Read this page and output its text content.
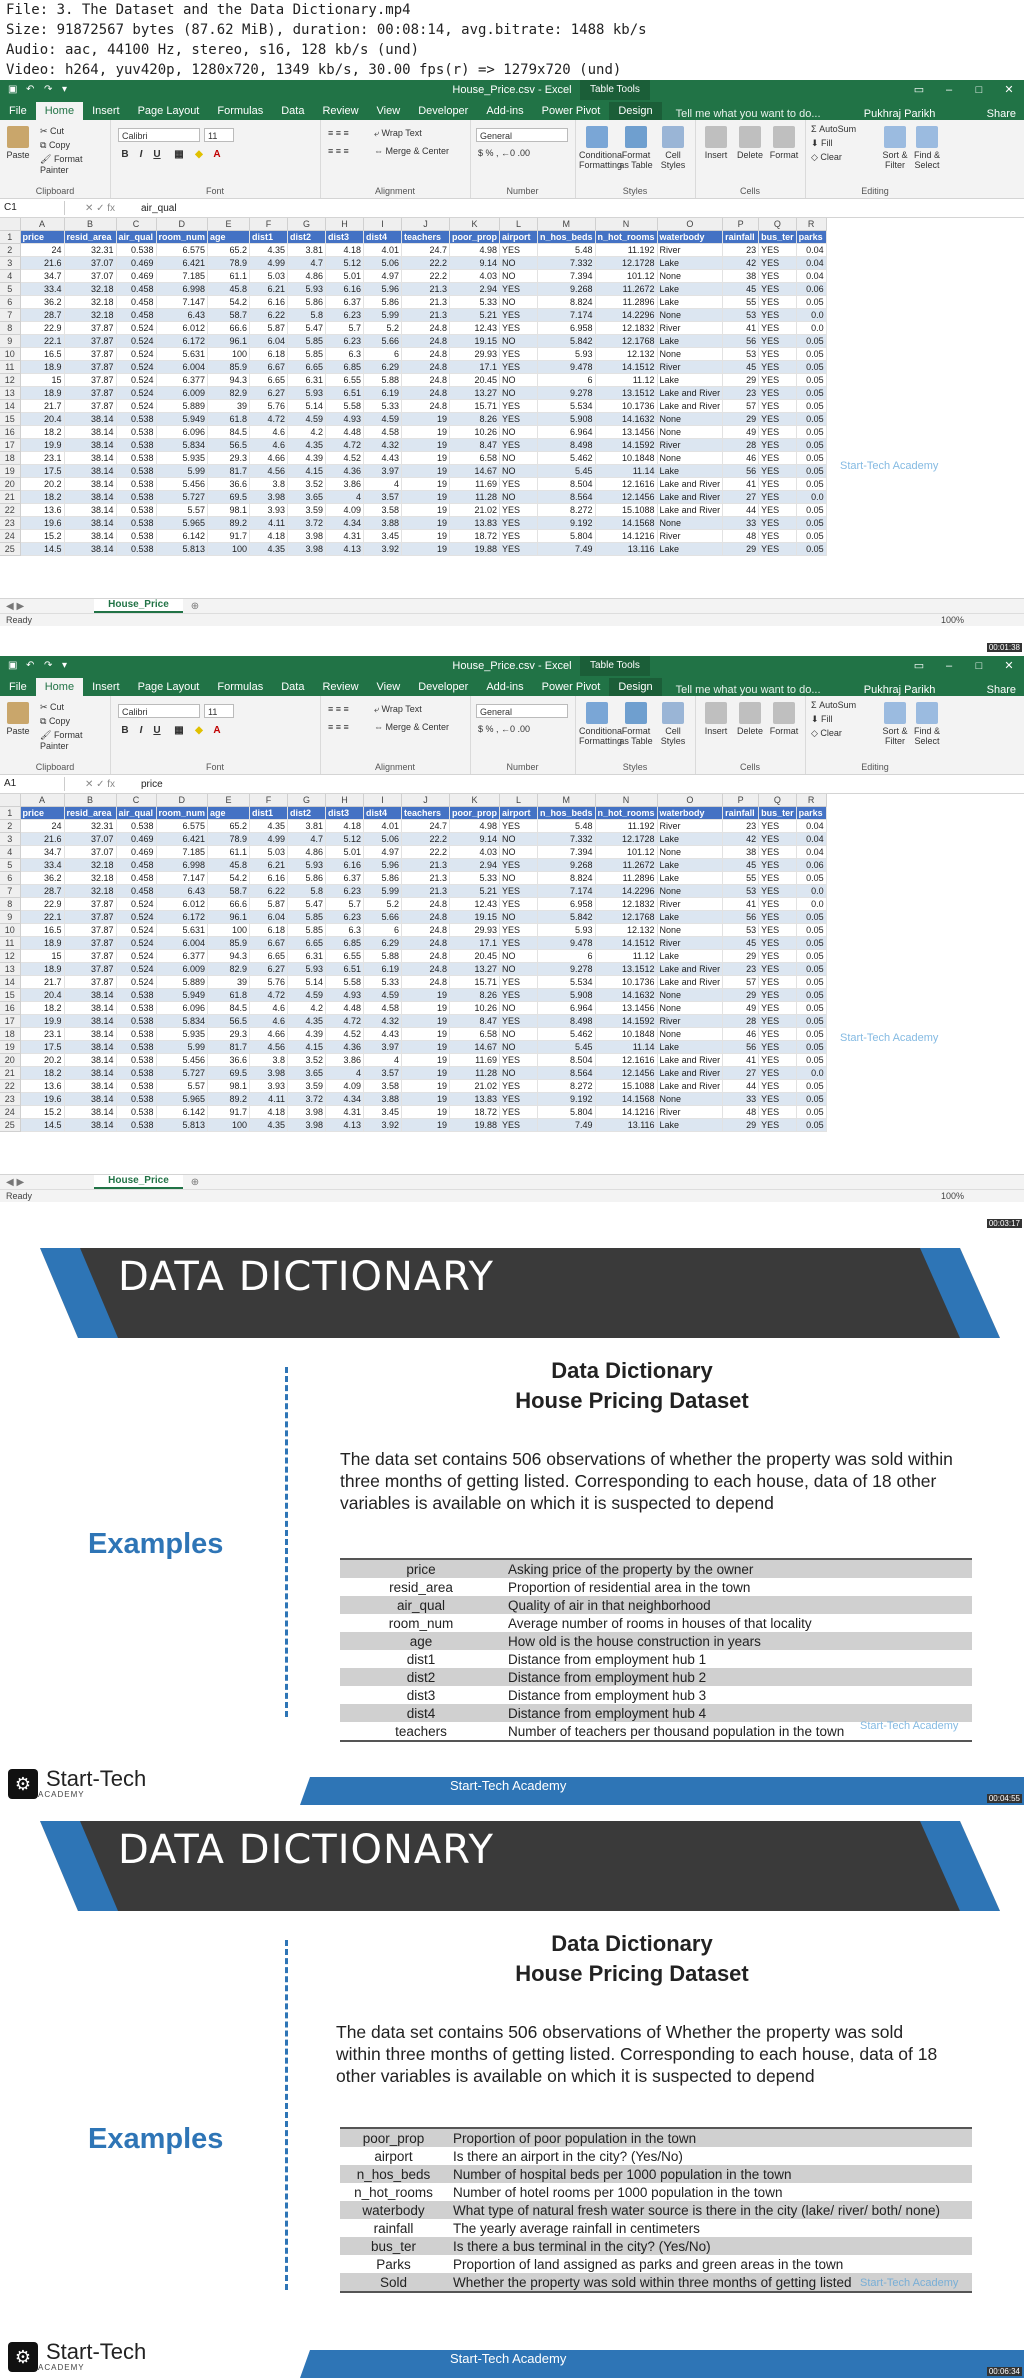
File: 3. The Dataset and the Data Dictionary.mp4
Size: 91872567 bytes (87.62 MiB), duration: 00:08:14, avg.bitrate: 1488 kb/s
Audio: aac, 44100 Hz, stereo, s16, 128 kb/s (und)
Video: h264, yuv420p, 1280x720, 1349 kb/s, 30.00 fps(r) => 1279x720 (und)
▣ ↶ ↷ ▾	House_Price.csv - Excel	Table Tools	▭	–	□	✕
File	Home	Insert	Page Layout	Formulas	Data	Review	View	Developer	Add-ins	Power Pivot	Design	Tell me what you want to do...	Pukhraj Parikh	Share
Paste
✂ Cut
⧉ Copy
🖌 Format Painter
Clipboard
Calibri	11
B	I	U	▦	◆	A
Font
≡ ≡ ≡
≡ ≡ ≡
⤶ Wrap Text
⇔ Merge & Center
Alignment
General
$ % , ←0 .00
Number
Conditional Formatting
Format as Table
Cell Styles
Styles
Insert	Delete Format
Cells
Σ AutoSum
⬇ Fill
◇ Clear	Sort & Filter
Find & Select
Editing
C1	✕ ✓ fx	air_qual
	A	B	C	D	E	F	G	H	I	J	K	L	M	N	O	P	Q	R
1	price	resid_area	air_qual	room_num	age	dist1	dist2	dist3	dist4	teachers	poor_prop	airport	n_hos_beds	n_hot_rooms	waterbody	rainfall	bus_ter	parks
2	24	32.31	0.538	6.575	65.2	4.35	3.81	4.18	4.01	24.7	4.98	YES	5.48	11.192	River	23	YES	0.04
3	21.6	37.07	0.469	6.421	78.9	4.99	4.7	5.12	5.06	22.2	9.14	NO	7.332	12.1728	Lake	42	YES	0.04
4	34.7	37.07	0.469	7.185	61.1	5.03	4.86	5.01	4.97	22.2	4.03	NO	7.394	101.12	None	38	YES	0.04
5	33.4	32.18	0.458	6.998	45.8	6.21	5.93	6.16	5.96	21.3	2.94	YES	9.268	11.2672	Lake	45	YES	0.06
6	36.2	32.18	0.458	7.147	54.2	6.16	5.86	6.37	5.86	21.3	5.33	NO	8.824	11.2896	Lake	55	YES	0.05
7	28.7	32.18	0.458	6.43	58.7	6.22	5.8	6.23	5.99	21.3	5.21	YES	7.174	14.2296	None	53	YES	0.0
8	22.9	37.87	0.524	6.012	66.6	5.87	5.47	5.7	5.2	24.8	12.43	YES	6.958	12.1832	River	41	YES	0.0
9	22.1	37.87	0.524	6.172	96.1	6.04	5.85	6.23	5.66	24.8	19.15	NO	5.842	12.1768	Lake	56	YES	0.05
10	16.5	37.87	0.524	5.631	100	6.18	5.85	6.3	6	24.8	29.93	YES	5.93	12.132	None	53	YES	0.05
11	18.9	37.87	0.524	6.004	85.9	6.67	6.65	6.85	6.29	24.8	17.1	YES	9.478	14.1512	River	45	YES	0.05
12	15	37.87	0.524	6.377	94.3	6.65	6.31	6.55	5.88	24.8	20.45	NO	6	11.12	Lake	29	YES	0.05
13	18.9	37.87	0.524	6.009	82.9	6.27	5.93	6.51	6.19	24.8	13.27	NO	9.278	13.1512	Lake and River	23	YES	0.05
14	21.7	37.87	0.524	5.889	39	5.76	5.14	5.58	5.33	24.8	15.71	YES	5.534	10.1736	Lake and River	57	YES	0.05
15	20.4	38.14	0.538	5.949	61.8	4.72	4.59	4.93	4.59	19	8.26	YES	5.908	14.1632	None	29	YES	0.05
16	18.2	38.14	0.538	6.096	84.5	4.6	4.2	4.48	4.58	19	10.26	NO	6.964	13.1456	None	49	YES	0.05
17	19.9	38.14	0.538	5.834	56.5	4.6	4.35	4.72	4.32	19	8.47	YES	8.498	14.1592	River	28	YES	0.05
18	23.1	38.14	0.538	5.935	29.3	4.66	4.39	4.52	4.43	19	6.58	NO	5.462	10.1848	None	46	YES	0.05
19	17.5	38.14	0.538	5.99	81.7	4.56	4.15	4.36	3.97	19	14.67	NO	5.45	11.14	Lake	56	YES	0.05
20	20.2	38.14	0.538	5.456	36.6	3.8	3.52	3.86	4	19	11.69	YES	8.504	12.1616	Lake and River	41	YES	0.05
21	18.2	38.14	0.538	5.727	69.5	3.98	3.65	4	3.57	19	11.28	NO	8.564	12.1456	Lake and River	27	YES	0.0
22	13.6	38.14	0.538	5.57	98.1	3.93	3.59	4.09	3.58	19	21.02	YES	8.272	15.1088	Lake and River	44	YES	0.05
23	19.6	38.14	0.538	5.965	89.2	4.11	3.72	4.34	3.88	19	13.83	YES	9.192	14.1568	None	33	YES	0.05
24	15.2	38.14	0.538	6.142	91.7	4.18	3.98	4.31	3.45	19	18.72	YES	5.804	14.1216	River	48	YES	0.05
25	14.5	38.14	0.538	5.813	100	4.35	3.98	4.13	3.92	19	19.88	YES	7.49	13.116	Lake	29	YES	0.05
◀ ▶	House_Price	⊕
Ready	100%
Start-Tech Academy
00:01:38
▣ ↶ ↷ ▾	House_Price.csv - Excel	Table Tools	▭	–	□	✕
File	Home	Insert	Page Layout	Formulas	Data	Review	View	Developer	Add-ins	Power Pivot	Design	Tell me what you want to do...	Pukhraj Parikh	Share
Paste
✂ Cut
⧉ Copy
🖌 Format Painter
Clipboard
Calibri	11
B	I	U	▦	◆	A
Font
≡ ≡ ≡
≡ ≡ ≡
⤶ Wrap Text
⇔ Merge & Center
Alignment
General
$ % , ←0 .00
Number
Conditional Formatting
Format as Table
Cell Styles
Styles
Insert	Delete Format
Cells
Σ AutoSum
⬇ Fill
◇ Clear	Sort & Filter
Find & Select
Editing
A1	✕ ✓ fx	price
	A	B	C	D	E	F	G	H	I	J	K	L	M	N	O	P	Q	R
1	price	resid_area	air_qual	room_num	age	dist1	dist2	dist3	dist4	teachers	poor_prop	airport	n_hos_beds	n_hot_rooms	waterbody	rainfall	bus_ter	parks
2	24	32.31	0.538	6.575	65.2	4.35	3.81	4.18	4.01	24.7	4.98	YES	5.48	11.192	River	23	YES	0.04
3	21.6	37.07	0.469	6.421	78.9	4.99	4.7	5.12	5.06	22.2	9.14	NO	7.332	12.1728	Lake	42	YES	0.04
4	34.7	37.07	0.469	7.185	61.1	5.03	4.86	5.01	4.97	22.2	4.03	NO	7.394	101.12	None	38	YES	0.04
5	33.4	32.18	0.458	6.998	45.8	6.21	5.93	6.16	5.96	21.3	2.94	YES	9.268	11.2672	Lake	45	YES	0.06
6	36.2	32.18	0.458	7.147	54.2	6.16	5.86	6.37	5.86	21.3	5.33	NO	8.824	11.2896	Lake	55	YES	0.05
7	28.7	32.18	0.458	6.43	58.7	6.22	5.8	6.23	5.99	21.3	5.21	YES	7.174	14.2296	None	53	YES	0.0
8	22.9	37.87	0.524	6.012	66.6	5.87	5.47	5.7	5.2	24.8	12.43	YES	6.958	12.1832	River	41	YES	0.0
9	22.1	37.87	0.524	6.172	96.1	6.04	5.85	6.23	5.66	24.8	19.15	NO	5.842	12.1768	Lake	56	YES	0.05
10	16.5	37.87	0.524	5.631	100	6.18	5.85	6.3	6	24.8	29.93	YES	5.93	12.132	None	53	YES	0.05
11	18.9	37.87	0.524	6.004	85.9	6.67	6.65	6.85	6.29	24.8	17.1	YES	9.478	14.1512	River	45	YES	0.05
12	15	37.87	0.524	6.377	94.3	6.65	6.31	6.55	5.88	24.8	20.45	NO	6	11.12	Lake	29	YES	0.05
13	18.9	37.87	0.524	6.009	82.9	6.27	5.93	6.51	6.19	24.8	13.27	NO	9.278	13.1512	Lake and River	23	YES	0.05
14	21.7	37.87	0.524	5.889	39	5.76	5.14	5.58	5.33	24.8	15.71	YES	5.534	10.1736	Lake and River	57	YES	0.05
15	20.4	38.14	0.538	5.949	61.8	4.72	4.59	4.93	4.59	19	8.26	YES	5.908	14.1632	None	29	YES	0.05
16	18.2	38.14	0.538	6.096	84.5	4.6	4.2	4.48	4.58	19	10.26	NO	6.964	13.1456	None	49	YES	0.05
17	19.9	38.14	0.538	5.834	56.5	4.6	4.35	4.72	4.32	19	8.47	YES	8.498	14.1592	River	28	YES	0.05
18	23.1	38.14	0.538	5.935	29.3	4.66	4.39	4.52	4.43	19	6.58	NO	5.462	10.1848	None	46	YES	0.05
19	17.5	38.14	0.538	5.99	81.7	4.56	4.15	4.36	3.97	19	14.67	NO	5.45	11.14	Lake	56	YES	0.05
20	20.2	38.14	0.538	5.456	36.6	3.8	3.52	3.86	4	19	11.69	YES	8.504	12.1616	Lake and River	41	YES	0.05
21	18.2	38.14	0.538	5.727	69.5	3.98	3.65	4	3.57	19	11.28	NO	8.564	12.1456	Lake and River	27	YES	0.0
22	13.6	38.14	0.538	5.57	98.1	3.93	3.59	4.09	3.58	19	21.02	YES	8.272	15.1088	Lake and River	44	YES	0.05
23	19.6	38.14	0.538	5.965	89.2	4.11	3.72	4.34	3.88	19	13.83	YES	9.192	14.1568	None	33	YES	0.05
24	15.2	38.14	0.538	6.142	91.7	4.18	3.98	4.31	3.45	19	18.72	YES	5.804	14.1216	River	48	YES	0.05
25	14.5	38.14	0.538	5.813	100	4.35	3.98	4.13	3.92	19	19.88	YES	7.49	13.116	Lake	29	YES	0.05
◀ ▶	House_Price	⊕
Ready	100%
Start-Tech Academy
00:03:17
DATA DICTIONARY
Examples
Data Dictionary
House Pricing Dataset
The data set contains 506 observations of whether the property was sold within
three months of getting listed. Corresponding to each house, data of 18 other
variables is available on which it is suspected to depend
price	Asking price of the property by the owner
resid_area	Proportion of residential area in the town
air_qual	Quality of air in that neighborhood
room_num	Average number of rooms in houses of that locality
age	How old is the house construction in years
dist1	Distance from employment hub 1
dist2	Distance from employment hub 2
dist3	Distance from employment hub 3
dist4	Distance from employment hub 4
teachers	Number of teachers per thousand population in the town Start-Tech Academy
⚙ Start-Tech
ACADEMY
Start-Tech Academy
00:04:55
DATA DICTIONARY
Examples
Data Dictionary
House Pricing Dataset
The data set contains 506 observations of Whether the property was sold
within three months of getting listed. Corresponding to each house, data of 18
other variables is available on which it is suspected to depend
poor_prop	Proportion of poor population in the town
airport	Is there an airport in the city? (Yes/No)
n_hos_beds	Number of hospital beds per 1000 population in the town
n_hot_rooms	Number of hotel rooms per 1000 population in the town
waterbody	What type of natural fresh water source is there in the city (lake/ river/ both/ none)
rainfall	The yearly average rainfall in centimeters
bus_ter	Is there a bus terminal in the city? (Yes/No)
Parks	Proportion of land assigned as parks and green areas in the town
Sold	Whether the property was sold within three months of getting listed Start-Tech Academy
⚙ Start-Tech
ACADEMY
Start-Tech Academy
00:06:34
